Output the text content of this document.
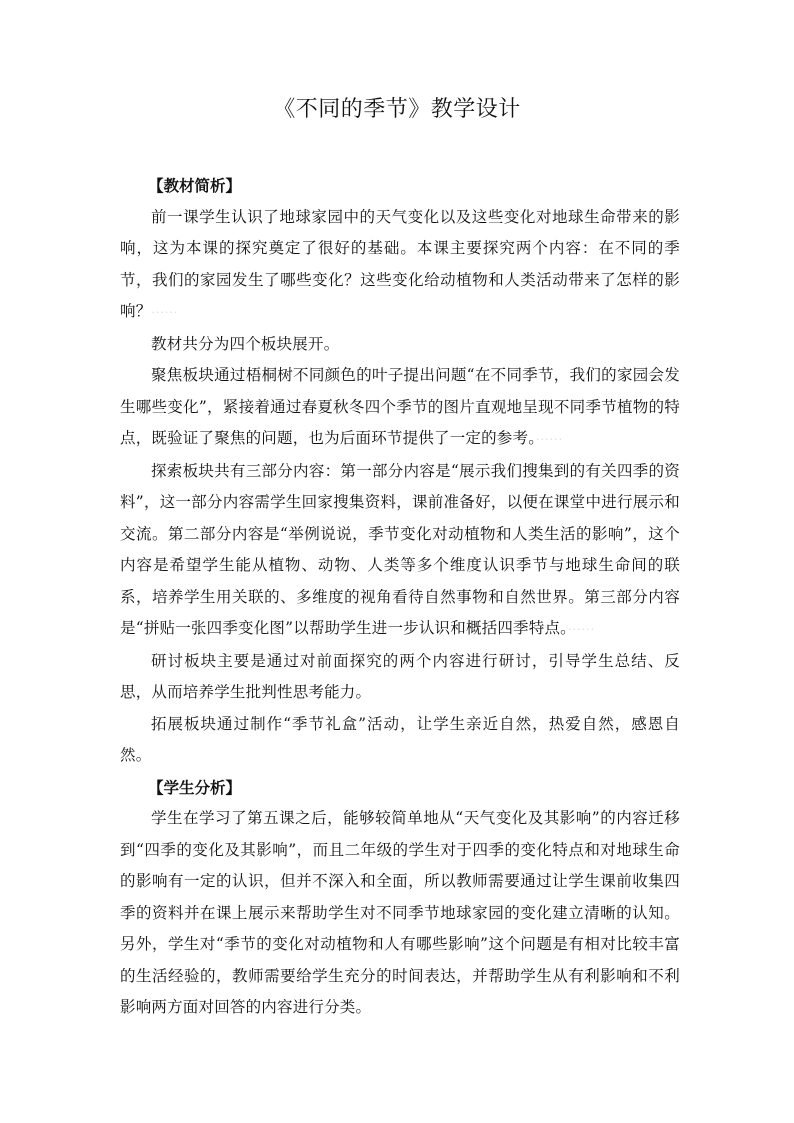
《不同的季节》教学设计

【教材简析】

前一课学生认识了地球家园中的天气变化以及这些变化对地球生命带来的影响，这为本课的探究奠定了很好的基础。本课主要探究两个内容：在不同的季节，我们的家园发生了哪些变化？这些变化给动植物和人类活动带来了怎样的影响？······

教材共分为四个板块展开。

聚焦板块通过梧桐树不同颜色的叶子提出问题“在不同季节，我们的家园会发生哪些变化”，紧接着通过春夏秋冬四个季节的图片直观地呈现不同季节植物的特点，既验证了聚焦的问题，也为后面环节提供了一定的参考。······

探索板块共有三部分内容：第一部分内容是“展示我们搜集到的有关四季的资料”，这一部分内容需学生回家搜集资料，课前准备好，以便在课堂中进行展示和交流。第二部分内容是“举例说说，季节变化对动植物和人类生活的影响”，这个内容是希望学生能从植物、动物、人类等多个维度认识季节与地球生命间的联系，培养学生用关联的、多维度的视角看待自然事物和自然世界。第三部分内容是“拼贴一张四季变化图”以帮助学生进一步认识和概括四季特点。······

研讨板块主要是通过对前面探究的两个内容进行研讨，引导学生总结、反思，从而培养学生批判性思考能力。

拓展板块通过制作“季节礼盒”活动，让学生亲近自然，热爱自然，感恩自然。

【学生分析】

学生在学习了第五课之后，能够较简单地从“天气变化及其影响”的内容迁移到“四季的变化及其影响”，而且二年级的学生对于四季的变化特点和对地球生命的影响有一定的认识，但并不深入和全面，所以教师需要通过让学生课前收集四季的资料并在课上展示来帮助学生对不同季节地球家园的变化建立清晰的认知。另外，学生对“季节的变化对动植物和人有哪些影响”这个问题是有相对比较丰富的生活经验的，教师需要给学生充分的时间表达，并帮助学生从有利影响和不利影响两方面对回答的内容进行分类。
